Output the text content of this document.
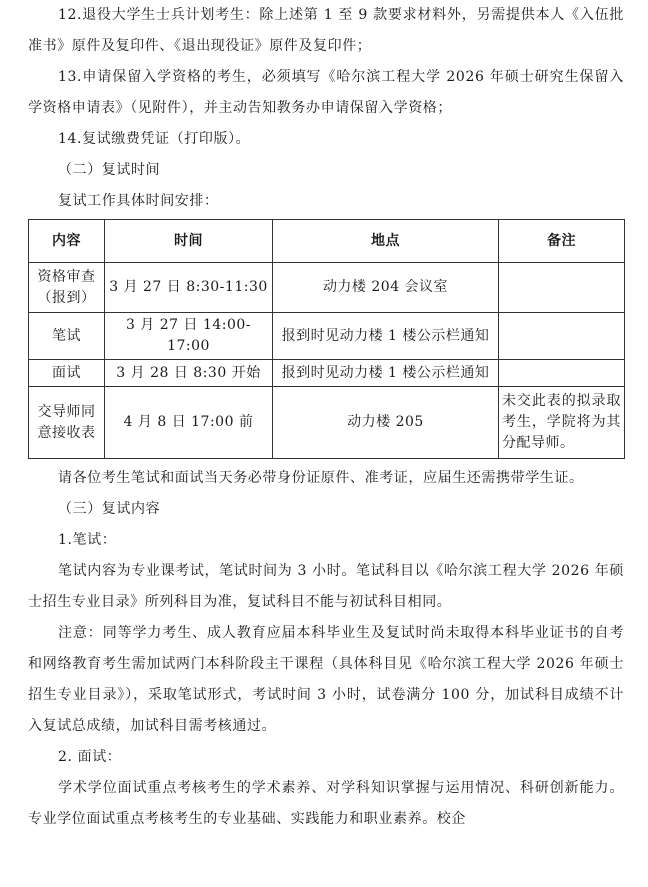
12.退役大学生士兵计划考生：除上述第 1 至 9 款要求材料外，另需提供本人《入伍批准书》原件及复印件、《退出现役证》原件及复印件；

13.申请保留入学资格的考生，必须填写《哈尔滨工程大学 2026 年硕士研究生保留入学资格申请表》（见附件），并主动告知教务办申请保留入学资格；

14.复试缴费凭证（打印版）。

（二）复试时间

复试工作具体时间安排：

内容	时间	地点	备注
资格审查（报到）	3 月 27 日 8:30-11:30	动力楼 204 会议室	
笔试	3 月 27 日 14:00-17:00	报到时见动力楼 1 楼公示栏通知	
面试	3 月 28 日 8:30 开始	报到时见动力楼 1 楼公示栏通知	
交导师同意接收表	4 月 8 日 17:00 前	动力楼 205	未交此表的拟录取考生，学院将为其分配导师。

请各位考生笔试和面试当天务必带身份证原件、准考证，应届生还需携带学生证。

（三）复试内容

1.笔试：

笔试内容为专业课考试，笔试时间为 3 小时。笔试科目以《哈尔滨工程大学 2026 年硕士招生专业目录》所列科目为准，复试科目不能与初试科目相同。

注意：同等学力考生、成人教育应届本科毕业生及复试时尚未取得本科毕业证书的自考和网络教育考生需加试两门本科阶段主干课程（具体科目见《哈尔滨工程大学 2026 年硕士招生专业目录》），采取笔试形式，考试时间 3 小时，试卷满分 100 分，加试科目成绩不计入复试总成绩，加试科目需考核通过。

2. 面试：

学术学位面试重点考核考生的学术素养、对学科知识掌握与运用情况、科研创新能力。专业学位面试重点考核考生的专业基础、实践能力和职业素养。校企
